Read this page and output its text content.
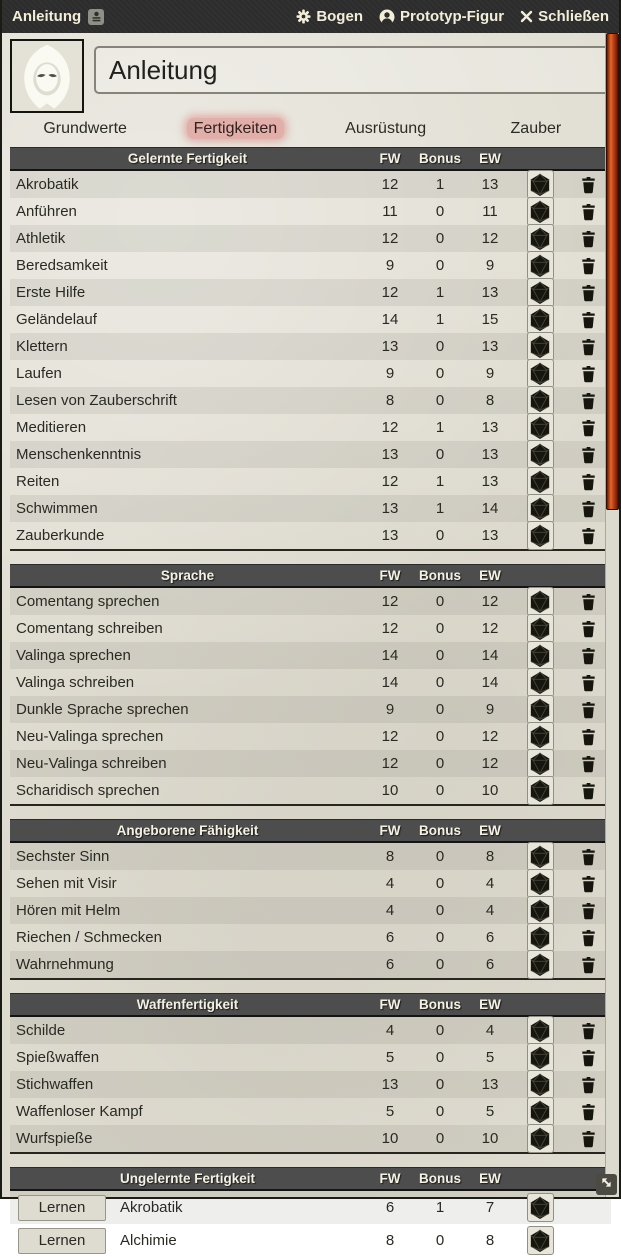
Anleitung	Bogen Prototyp-Figur Schließen
Anleitung
Grundwerte	Fertigkeiten	Ausrüstung	Zauber
Gelernte Fertigkeit	FW	Bonus	EW
Akrobatik	12	1	13
Anführen	11	0	11
Athletik	12	0	12
Beredsamkeit	9	0	9
Erste Hilfe	12	1	13
Geländelauf	14	1	15
Klettern	13	0	13
Laufen	9	0	9
Lesen von Zauberschrift	8	0	8
Meditieren	12	1	13
Menschenkenntnis	13	0	13
Reiten	12	1	13
Schwimmen	13	1	14
Zauberkunde	13	0	13
Sprache	FW	Bonus	EW
Comentang sprechen	12	0	12
Comentang schreiben	12	0	12
Valinga sprechen	14	0	14
Valinga schreiben	14	0	14
Dunkle Sprache sprechen	9	0	9
Neu-Valinga sprechen	12	0	12
Neu-Valinga schreiben	12	0	12
Scharidisch sprechen	10	0	10
Angeborene Fähigkeit	FW	Bonus	EW
Sechster Sinn	8	0	8
Sehen mit Visir	4	0	4
Hören mit Helm	4	0	4
Riechen / Schmecken	6	0	6
Wahrnehmung	6	0	6
Waffenfertigkeit	FW	Bonus	EW
Schilde	4	0	4
Spießwaffen	5	0	5
Stichwaffen	13	0	13
Waffenloser Kampf	5	0	5
Wurfspieße	10	0	10
Ungelernte Fertigkeit	FW	Bonus	EW
Lernen	Akrobatik	6	1	7
Lernen	Alchimie	8	0	8
